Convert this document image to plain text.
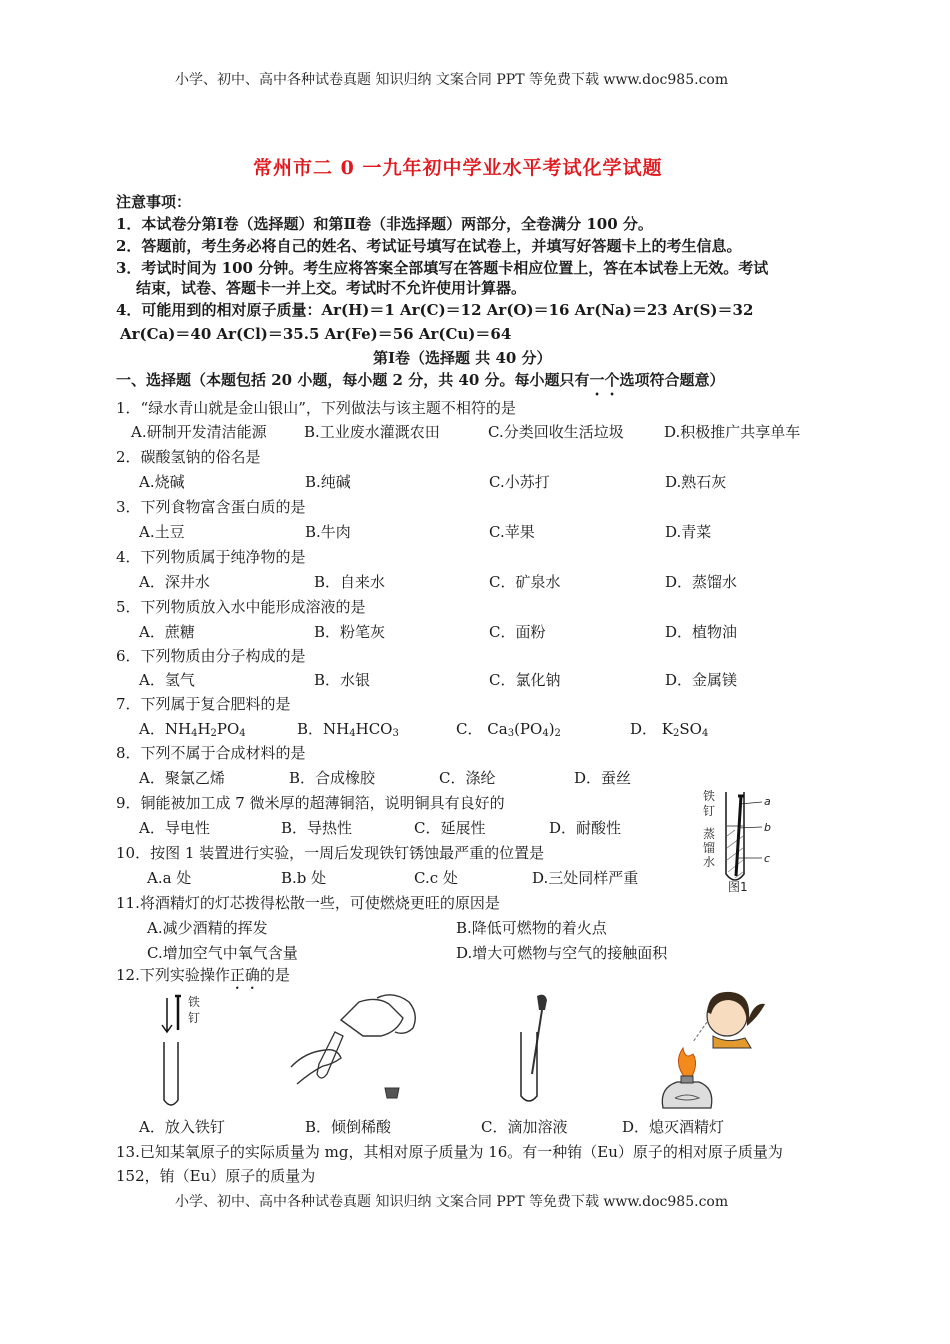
小学、初中、高中各种试卷真题 知识归纳 文案合同 PPT 等免费下载 www.doc985.com
小学、初中、高中各种试卷真题 知识归纳 文案合同 PPT 等免费下载 www.doc985.com
常州市二 0 一九年初中学业水平考试化学试题
注意事项：
1．本试卷分第Ⅰ卷（选择题）和第Ⅱ卷（非选择题）两部分，全卷满分 100 分。
2．答题前，考生务必将自己的姓名、考试证号填写在试卷上，并填写好答题卡上的考生信息。
3．考试时间为 100 分钟。考生应将答案全部填写在答题卡相应位置上，答在本试卷上无效。考试
结束，试卷、答题卡一并上交。考试时不允许使用计算器。
4．可能用到的相对原子质量：Ar(H)＝1 Ar(C)＝12 Ar(O)＝16 Ar(Na)＝23 Ar(S)＝32
Ar(Ca)＝40 Ar(Cl)＝35.5 Ar(Fe)＝56 Ar(Cu)＝64
第Ⅰ卷（选择题 共 40 分）
一、选择题（本题包括 20 小题，每小题 2 分，共 40 分。每小题只有一个选项符合题意）
1．“绿水青山就是金山银山”，下列做法与该主题不相符的是
A.研制开发清洁能源 B.工业废水灌溉农田	C.分类回收生活垃圾	D.积极推广共享单车
2．碳酸氢钠的俗名是
A.烧碱	B.纯碱	C.小苏打	D.熟石灰
3．下列食物富含蛋白质的是
A.土豆	B.牛肉	C.苹果	D.青菜
4．下列物质属于纯净物的是
A．深井水	B．自来水	C．矿泉水	D．蒸馏水
5．下列物质放入水中能形成溶液的是
A．蔗糖	B．粉笔灰	C．面粉	D．植物油
6．下列物质由分子构成的是
A．氢气	B．水银	C．氯化钠	D．金属镁
7．下列属于复合肥料的是
A．$NH_4H_2PO_4$	B．$NH_4HCO_3$	C． $Ca_3(PO_4)_2$	D． $K_2SO_4$
8．下列不属于合成材料的是
A．聚氯乙烯	B．合成橡胶	C．涤纶	D．蚕丝
9．铜能被加工成 7 微米厚的超薄铜箔，说明铜具有良好的
A．导电性	B．导热性	C．延展性	D．耐酸性
10．按图 1 装置进行实验，一周后发现铁钉锈蚀最严重的位置是
A.a 处	B.b 处	C.c 处	D.三处同样严重
铁
钉
蒸
馏
水
a
b
c
图1
11.将酒精灯的灯芯拨得松散一些，可使燃烧更旺的原因是
A.减少酒精的挥发	B.降低可燃物的着火点
C.增加空气中氧气含量	D.增大可燃物与空气的接触面积
12.下列实验操作正确的是
铁
钉
A．放入铁钉	B．倾倒稀酸	C．滴加溶液	D．熄灭酒精灯
13.已知某氧原子的实际质量为 mg，其相对原子质量为 16。有一种铕（Eu）原子的相对原子质量为
152，铕（Eu）原子的质量为
